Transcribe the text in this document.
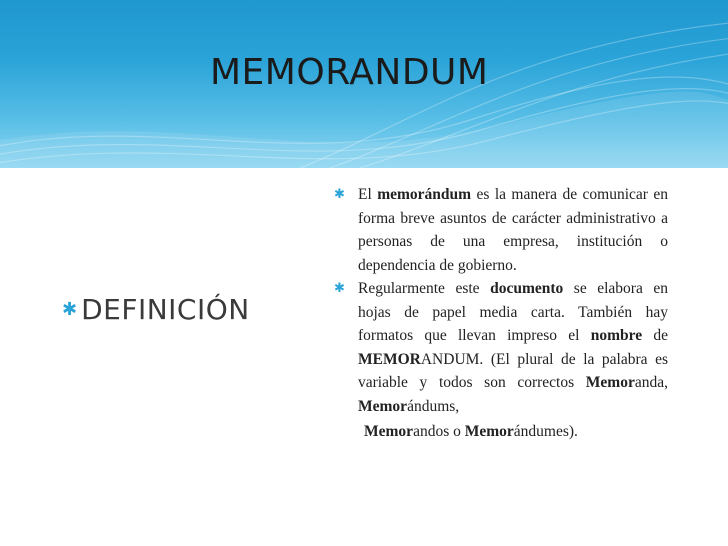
MEMORANDUM
✱ DEFINICIÓN
✱ El memorándum es la manera de comunicar en forma breve asuntos de carácter administrativo a personas de una empresa, institución o dependencia de gobierno.
✱ Regularmente este documento se elabora en hojas de papel media carta. También hay formatos que llevan impreso el nombre de MEMORANDUM. (El plural de la palabra es variable y todos son correctos Memoranda, Memorándums,
Memorandos o Memorándumes).
